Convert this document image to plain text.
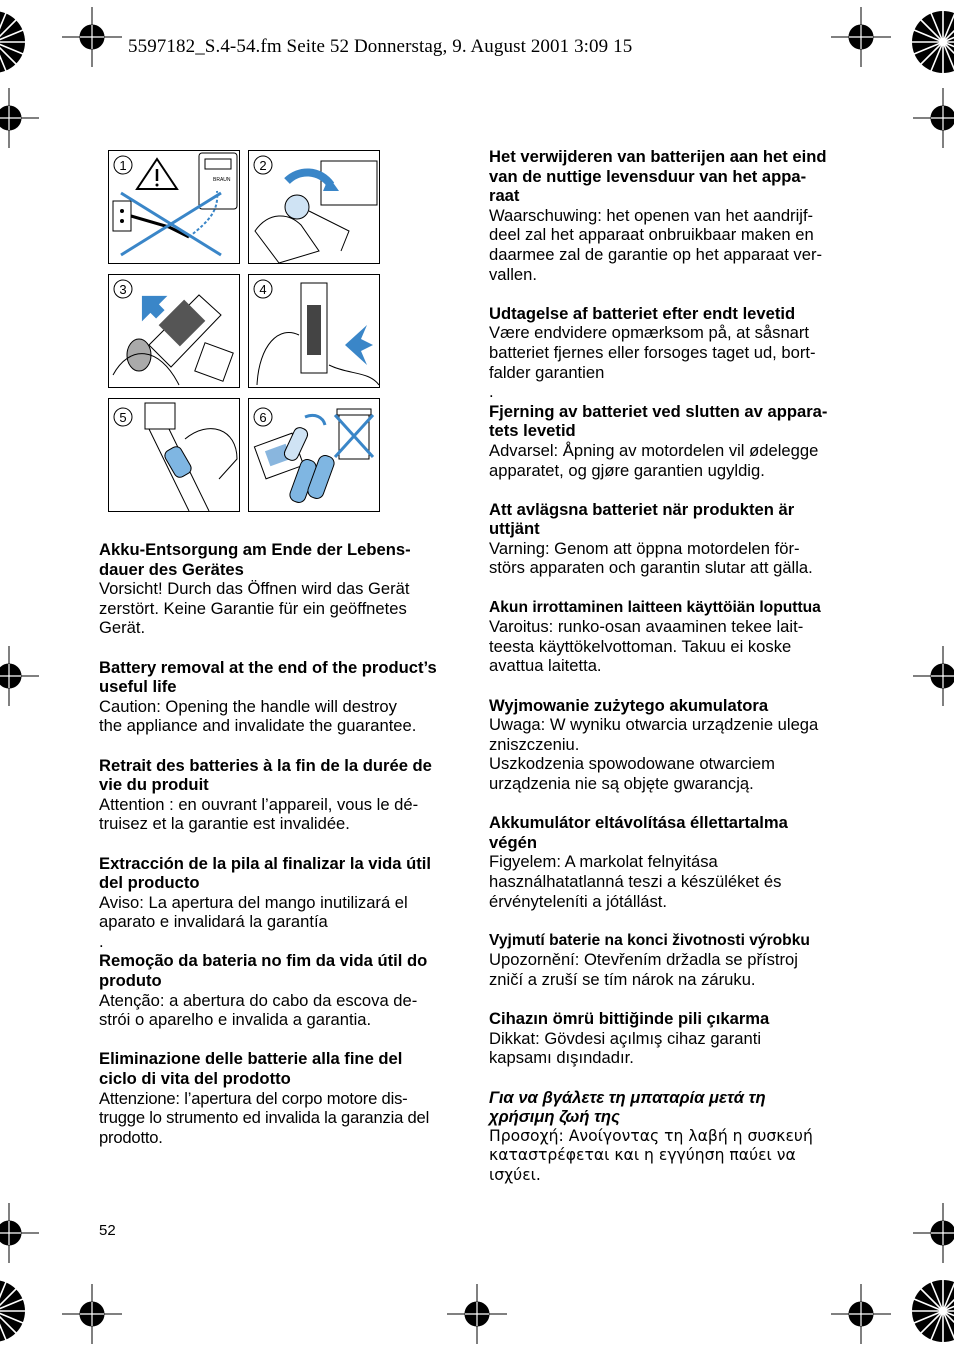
5597182_S.4-54.fm Seite 52 Donnerstag, 9. August 2001 3:09 15
1
BRAUN
2
3	4
5	6
Akku-Entsorgung am Ende der Lebens-
dauer des Gerätes
Vorsicht! Durch das Öffnen wird das Gerät
zerstört. Keine Garantie für ein geöffnetes
Gerät.
Battery removal at the end of the product’s
useful life
Caution: Opening the handle will destroy
the appliance and invalidate the guarantee.
Retrait des batteries à la fin de la durée de
vie du produit
Attention : en ouvrant l’appareil, vous le dé-
truisez et la garantie est invalidée.
Extracción de la pila al finalizar la vida útil
del producto
Aviso: La apertura del mango inutilizará el
aparato e invalidará la garantía
.
Remoção da bateria no fim da vida útil do
produto
Atenção: a abertura do cabo da escova de-
strói o aparelho e invalida a garantia.
Eliminazione delle batterie alla fine del
ciclo di vita del prodotto
Attenzione: l’apertura del corpo motore dis-
trugge lo strumento ed invalida la garanzia del
prodotto.
Het verwijderen van batterijen aan het eind
van de nuttige levensduur van het appa-
raat
Waarschuwing: het openen van het aandrijf-
deel zal het apparaat onbruikbaar maken en
daarmee zal de garantie op het apparaat ver-
vallen.
Udtagelse af batteriet efter endt levetid
Være endvidere opmærksom på, at såsnart
batteriet fjernes eller forsoges taget ud, bort-
falder garantien
.
Fjerning av batteriet ved slutten av appara-
tets levetid
Advarsel: Åpning av motordelen vil ødelegge
apparatet, og gjøre garantien ugyldig.
Att avlägsna batteriet när produkten är
uttjänt
Varning: Genom att öppna motordelen för-
störs apparaten och garantin slutar att gälla.
Akun irrottaminen laitteen käyttöiän loputtua
Varoitus: runko-osan avaaminen tekee lait-
teesta käyttökelvottoman. Takuu ei koske
avattua laitetta.
Wyjmowanie zużytego akumulatora
Uwaga: W wyniku otwarcia urządzenie ulega
zniszczeniu.
Uszkodzenia spowodowane otwarciem
urządzenia nie są objęte gwarancją.
Akkumulátor eltávolítása éllettartalma
végén
Figyelem: A markolat felnyitása
használhatatlanná teszi a készüléket és
érvényteleníti a jótállást.
Vyjmutí baterie na konci životnosti výrobku
Upozornění: Otevřením držadla se přístroj
zničí a zruší se tím nárok na záruku.
Cihazın ömrü bittiğinde pili çıkarma
Dikkat: Gövdesi açılmış cihaz garanti
kapsamı dışındadır.
Για να βγάλετε τη μπαταρία μετά τη
χρήσιμη ζωή της
Προσοχή: Ανοίγοντας τη λαβή η συσκευή
καταστρέφεται και η εγγύηση παύει να
ισχύει.
52
